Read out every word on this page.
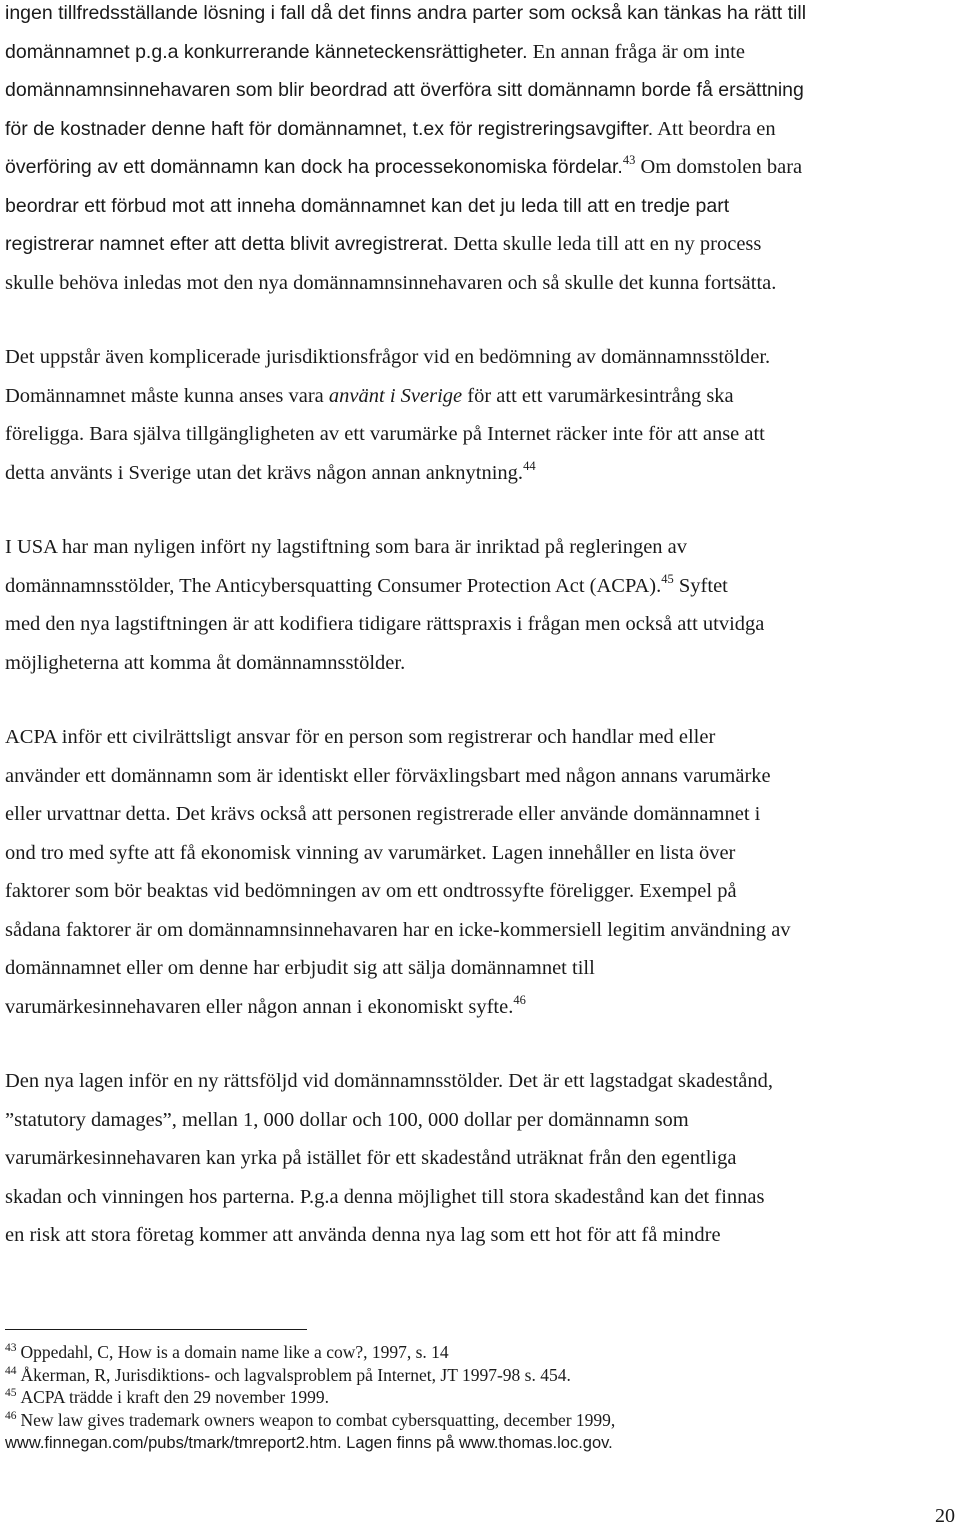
ingen tillfredsställande lösning i fall då det finns andra parter som också kan tänkas ha rätt till
domännamnet p.g.a konkurrerande känneteckensrättigheter. En annan fråga är om inte
domännamnsinnehavaren som blir beordrad att överföra sitt domännamn borde få ersättning
för de kostnader denne haft för domännamnet, t.ex för registreringsavgifter. Att beordra en
överföring av ett domännamn kan dock ha processekonomiska fördelar.$^{43}$ Om domstolen bara
beordrar ett förbud mot att inneha domännamnet kan det ju leda till att en tredje part
registrerar namnet efter att detta blivit avregistrerat. Detta skulle leda till att en ny process
skulle behöva inledas mot den nya domännamnsinnehavaren och så skulle det kunna fortsätta.
Det uppstår även komplicerade jurisdiktionsfrågor vid en bedömning av domännamnsstölder.
Domännamnet måste kunna anses vara använt i Sverige för att ett varumärkesintrång ska
föreligga. Bara själva tillgängligheten av ett varumärke på Internet räcker inte för att anse att
detta använts i Sverige utan det krävs någon annan anknytning.$^{44}$
I USA har man nyligen infört ny lagstiftning som bara är inriktad på regleringen av
domännamnsstölder, The Anticybersquatting Consumer Protection Act (ACPA).$^{45}$ Syftet
med den nya lagstiftningen är att kodifiera tidigare rättspraxis i frågan men också att utvidga
möjligheterna att komma åt domännamnsstölder.
ACPA inför ett civilrättsligt ansvar för en person som registrerar och handlar med eller
använder ett domännamn som är identiskt eller förväxlingsbart med någon annans varumärke
eller urvattnar detta. Det krävs också att personen registrerade eller använde domännamnet i
ond tro med syfte att få ekonomisk vinning av varumärket. Lagen innehåller en lista över
faktorer som bör beaktas vid bedömningen av om ett ondtrossyfte föreligger. Exempel på
sådana faktorer är om domännamnsinnehavaren har en icke-kommersiell legitim användning av
domännamnet eller om denne har erbjudit sig att sälja domännamnet till
varumärkesinnehavaren eller någon annan i ekonomiskt syfte.$^{46}$
Den nya lagen inför en ny rättsföljd vid domännamnsstölder. Det är ett lagstadgat skadestånd,
”statutory damages”, mellan 1, 000 dollar och 100, 000 dollar per domännamn som
varumärkesinnehavaren kan yrka på istället för ett skadestånd uträknat från den egentliga
skadan och vinningen hos parterna. P.g.a denna möjlighet till stora skadestånd kan det finnas
en risk att stora företag kommer att använda denna nya lag som ett hot för att få mindre
$^{43}$ Oppedahl, C, How is a domain name like a cow?, 1997, s. 14
$^{44}$ Åkerman, R, Jurisdiktions- och lagvalsproblem på Internet, JT 1997-98 s. 454.
$^{45}$ ACPA trädde i kraft den 29 november 1999.
$^{46}$ New law gives trademark owners weapon to combat cybersquatting, december 1999,
www.finnegan.com/pubs/tmark/tmreport2.htm. Lagen finns på www.thomas.loc.gov.
20
